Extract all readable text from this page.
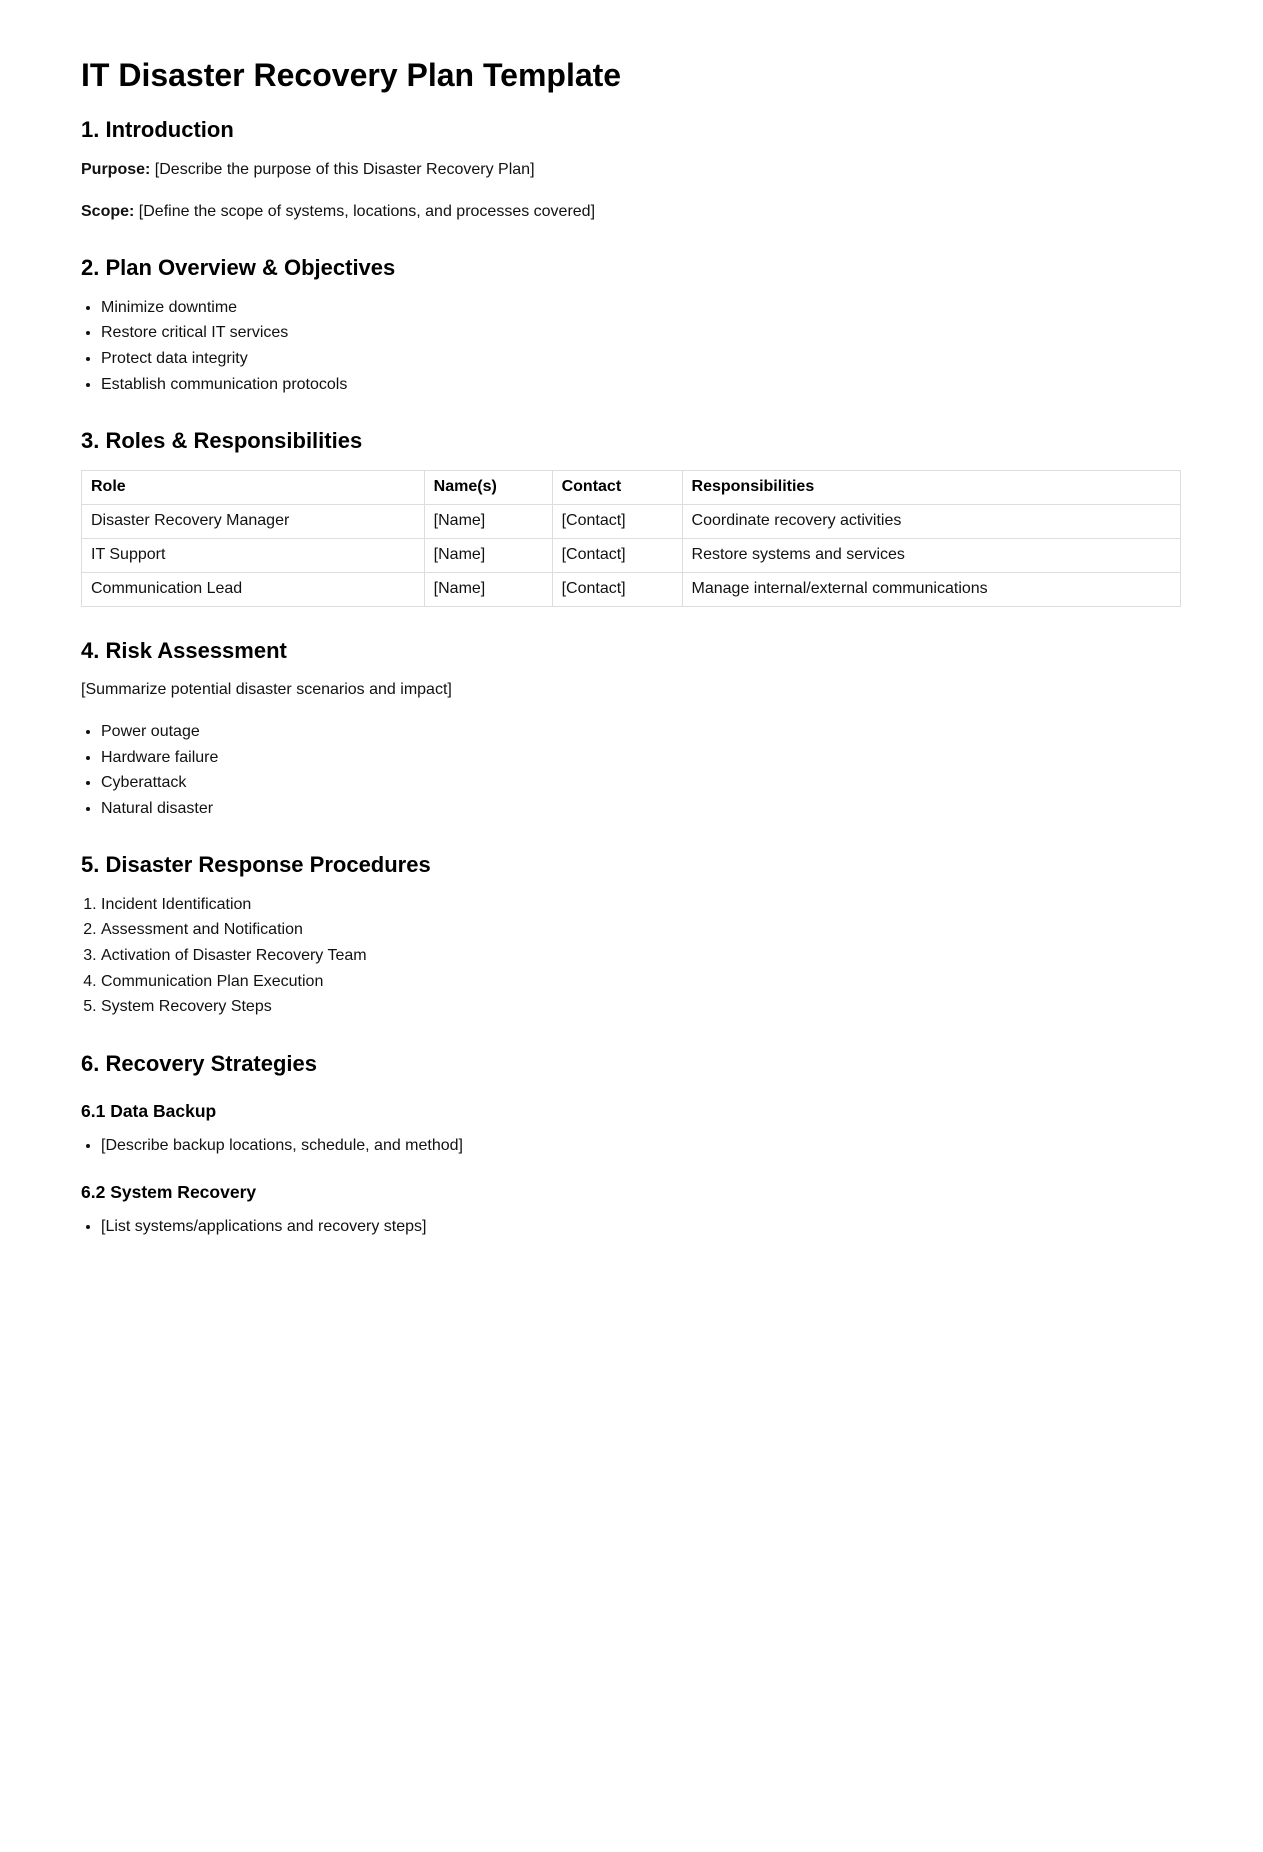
IT Disaster Recovery Plan Template
1. Introduction

Purpose: [Describe the purpose of this Disaster Recovery Plan]

Scope: [Define the scope of systems, locations, and processes covered]

2. Plan Overview & Objectives
• Minimize downtime
• Restore critical IT services
• Protect data integrity
• Establish communication protocols
3. Roles & Responsibilities
Role	Name(s)	Contact	Responsibilities
Disaster Recovery Manager	[Name]	[Contact]	Coordinate recovery activities
IT Support	[Name]	[Contact]	Restore systems and services
Communication Lead	[Name]	[Contact]	Manage internal/external communications
4. Risk Assessment

[Summarize potential disaster scenarios and impact]

• Power outage
• Hardware failure
• Cyberattack
• Natural disaster
5. Disaster Response Procedures
1. Incident Identification
2. Assessment and Notification
3. Activation of Disaster Recovery Team
4. Communication Plan Execution
5. System Recovery Steps
6. Recovery Strategies
6.1 Data Backup
• [Describe backup locations, schedule, and method]
6.2 System Recovery
• [List systems/applications and recovery steps]
